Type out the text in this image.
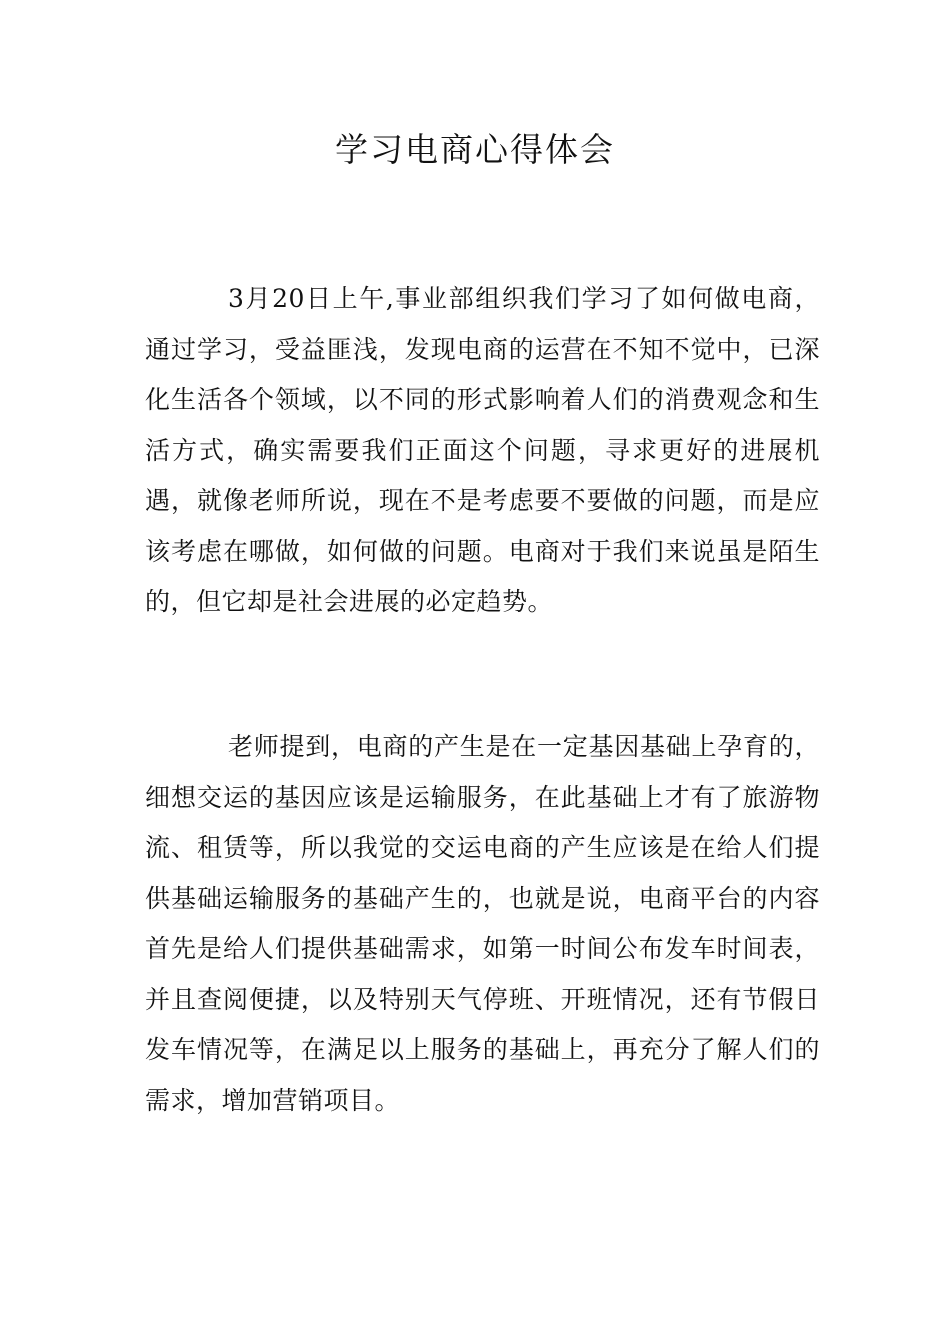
学习电商心得体会

3月20日上午,事业部组织我们学习了如何做电商，通过学习，受益匪浅，发现电商的运营在不知不觉中，已深化生活各个领域，以不同的形式影响着人们的消费观念和生活方式，确实需要我们正面这个问题，寻求更好的进展机遇，就像老师所说，现在不是考虑要不要做的问题，而是应该考虑在哪做，如何做的问题。电商对于我们来说虽是陌生的，但它却是社会进展的必定趋势。

老师提到，电商的产生是在一定基因基础上孕育的，细想交运的基因应该是运输服务，在此基础上才有了旅游物流、租赁等，所以我觉的交运电商的产生应该是在给人们提供基础运输服务的基础产生的，也就是说，电商平台的内容首先是给人们提供基础需求，如第一时间公布发车时间表，并且查阅便捷，以及特别天气停班、开班情况，还有节假日发车情况等，在满足以上服务的基础上，再充分了解人们的需求，增加营销项目。
